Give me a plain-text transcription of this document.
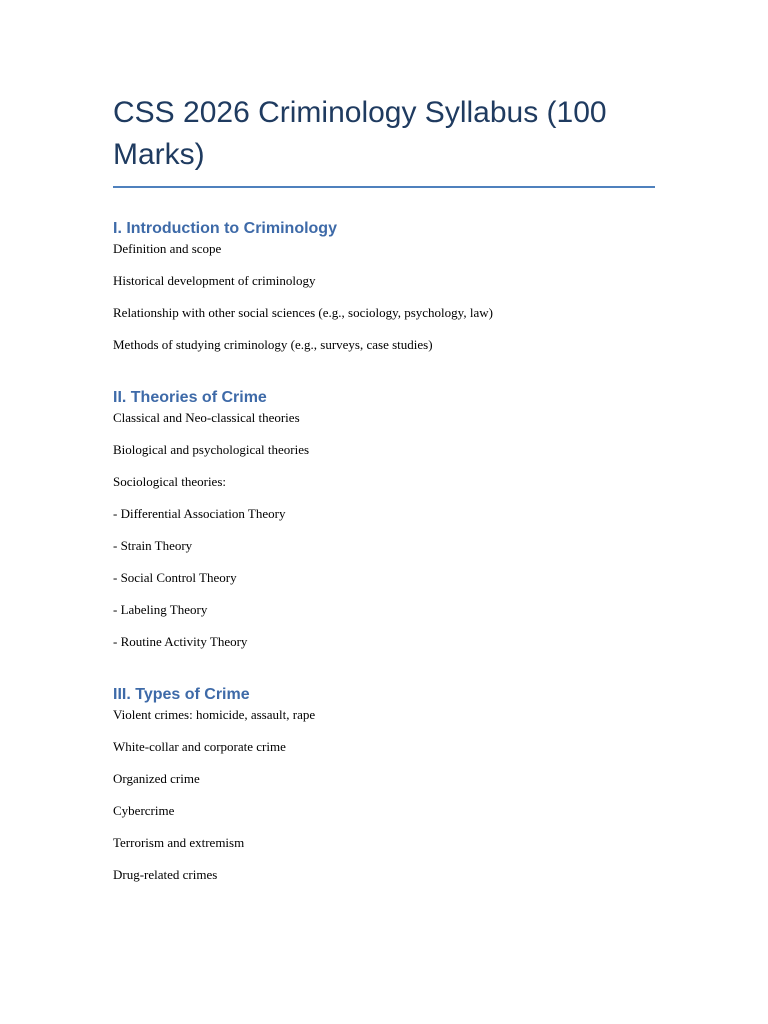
CSS 2026 Criminology Syllabus (100 Marks)
I. Introduction to Criminology

Definition and scope

Historical development of criminology

Relationship with other social sciences (e.g., sociology, psychology, law)

Methods of studying criminology (e.g., surveys, case studies)

II. Theories of Crime

Classical and Neo-classical theories

Biological and psychological theories

Sociological theories:

- Differential Association Theory

- Strain Theory

- Social Control Theory

- Labeling Theory

- Routine Activity Theory

III. Types of Crime

Violent crimes: homicide, assault, rape

White-collar and corporate crime

Organized crime

Cybercrime

Terrorism and extremism

Drug-related crimes
